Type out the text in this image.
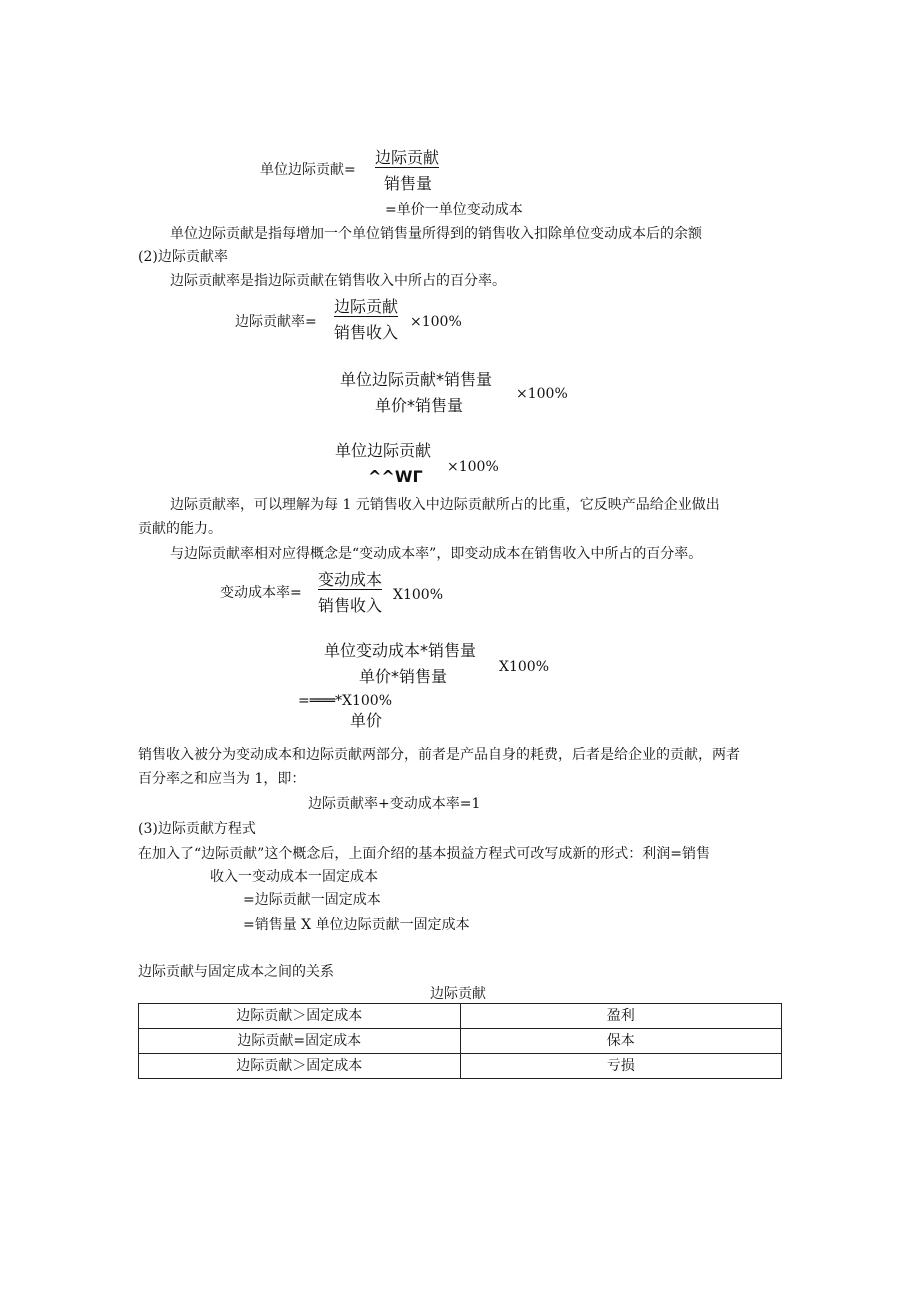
单位边际贡献=
边际贡献
销售量
=单价一单位变动成本
单位边际贡献是指每增加一个单位销售量所得到的销售收入扣除单位变动成本后的余额
(2)边际贡献率
边际贡献率是指边际贡献在销售收入中所占的百分率。
边际贡献率=
边际贡献
销售收入
×100%
单位边际贡献*销售量
单价*销售量
×100%
单位边际贡献
^^WΓ ×100%
边际贡献率，可以理解为每 1 元销售收入中边际贡献所占的比重，它反映产品给企业做出
贡献的能力。
与边际贡献率相对应得概念是“变动成本率”，即变动成本在销售收入中所占的百分率。
变动成本率=
变动成本
销售收入
X100%
单位变动成本*销售量
单价*销售量	X100%
=═══*X100%
单价
销售收入被分为变动成本和边际贡献两部分，前者是产品自身的耗费，后者是给企业的贡献，两者
百分率之和应当为 1，即：
边际贡献率+变动成本率=1
(3)边际贡献方程式
在加入了“边际贡献”这个概念后，上面介绍的基本损益方程式可改写成新的形式：利润=销售
收入一变动成本一固定成本
=边际贡献一固定成本
=销售量 X 单位边际贡献一固定成本
边际贡献与固定成本之间的关系
边际贡献
边际贡献＞固定成本	盈利
边际贡献=固定成本	保本
边际贡献＞固定成本	亏损
